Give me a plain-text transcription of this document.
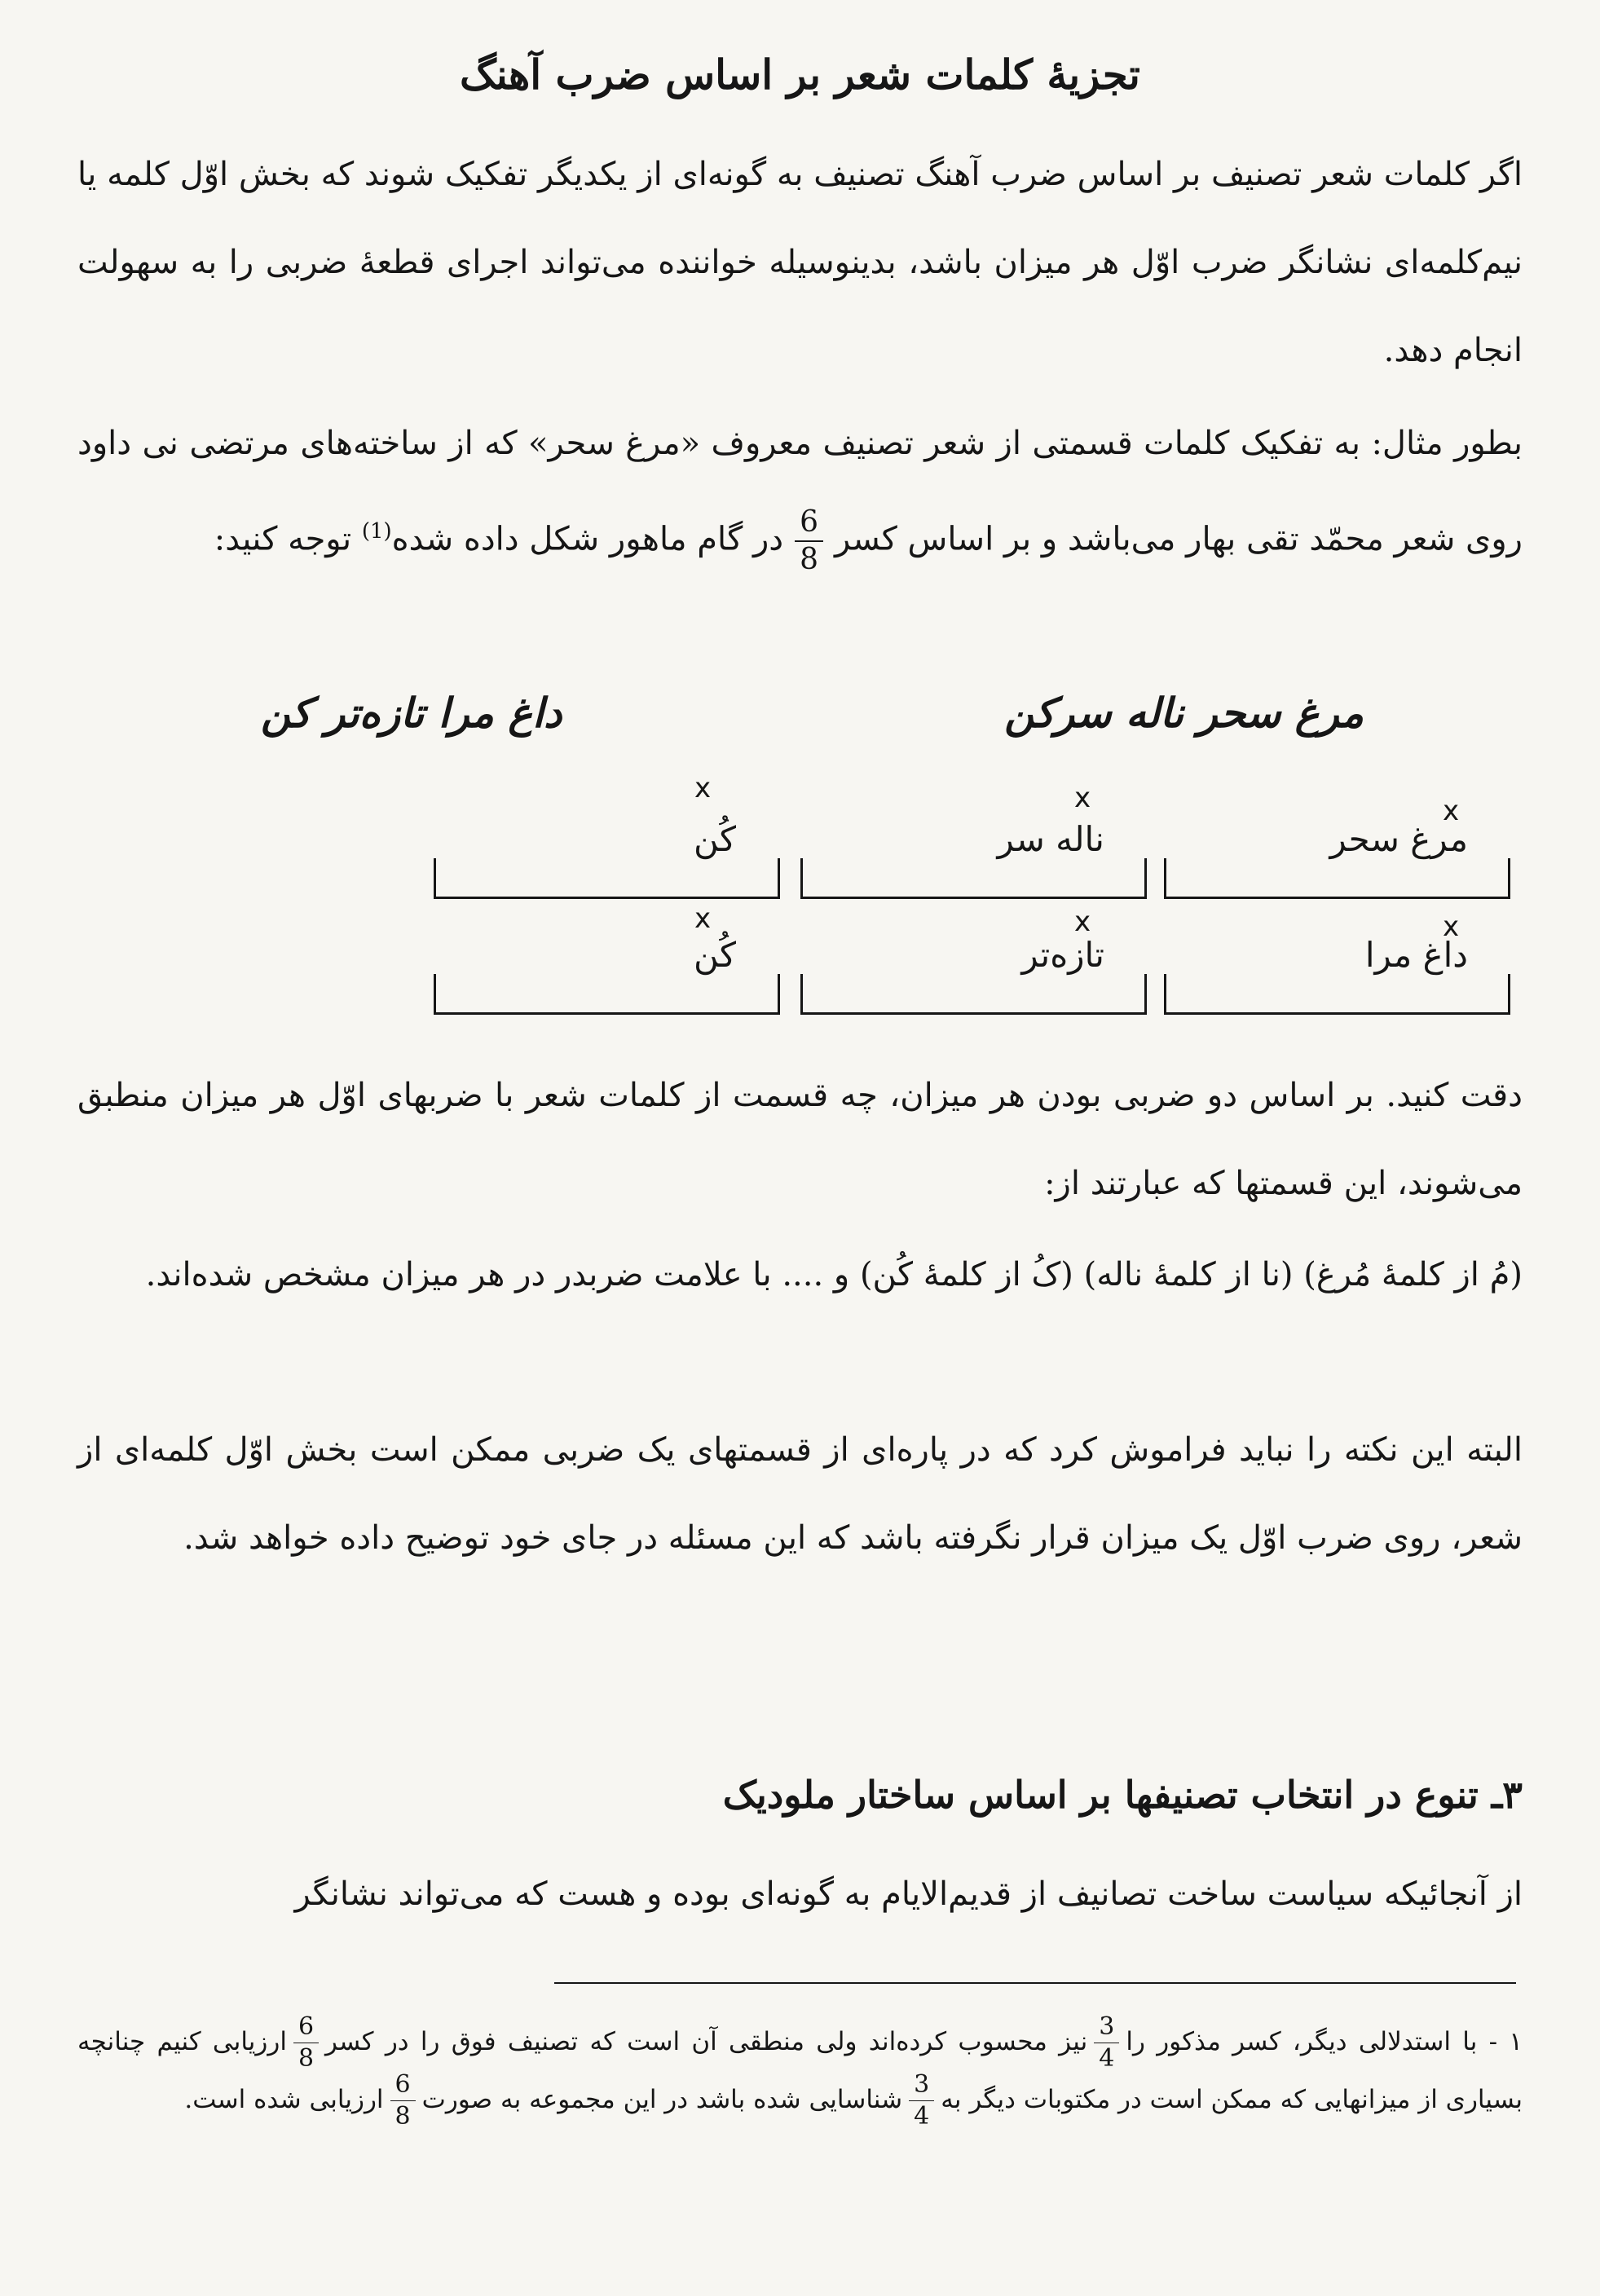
تجزیهٔ کلمات شعر بر اساس ضرب آهنگ

اگر کلمات شعر تصنیف بر اساس ضرب آهنگ تصنیف به گونه‌ای از یکدیگر تفکیک شوند که بخش اوّل کلمه یا نیم‌کلمه‌ای نشانگر ضرب اوّل هر میزان باشد، بدینوسیله خواننده می‌تواند اجرای قطعهٔ ضربی را به سهولت انجام دهد.

بطور مثال: به تفکیک کلمات قسمتی از شعر تصنیف معروف «مرغ سحر» که از ساخته‌های مرتضی نی داود روی شعر محمّد تقی بهار می‌باشد و بر اساس کسر
$\frac{6}{8}$
در گام ماهور شکل داده شده$^{(1)}$ توجه کنید:

مرغ سحر ناله سرکن
داغ مرا تازه‌تر کن
مرغ سحر
x
ناله سر
x
کُن
x
داغ مرا
x
تازه‌تر
x
کُن
x

دقت کنید. بر اساس دو ضربی بودن هر میزان، چه قسمت از کلمات شعر با ضربهای اوّل هر میزان منطبق می‌شوند، این قسمتها که عبارتند از:

(مُ از کلمهٔ مُرغ) (نا از کلمهٔ ناله) (کُ از کلمهٔ کُن) و .... با علامت ضربدر در هر میزان مشخص شده‌اند.

البته این نکته را نباید فراموش کرد که در پاره‌ای از قسمتهای یک ضربی ممکن است بخش اوّل کلمه‌ای از شعر، روی ضرب اوّل یک میزان قرار نگرفته باشد که این مسئله در جای خود توضیح داده خواهد شد.

۳ـ تنوع در انتخاب تصنیفها بر اساس ساختار ملودیک

از آنجائیکه سیاست ساخت تصانیف از قدیم‌الایام به گونه‌ای بوده و هست که می‌تواند نشانگر

۱ - با استدلالی دیگر، کسر مذکور را
$\frac{3}{4}$
نیز محسوب کرده‌اند ولی منطقی آن است که تصنیف فوق را در کسر
$\frac{6}{8}$
ارزیابی کنیم چنانچه بسیاری از میزانهایی که ممکن است در مکتوبات دیگر به
$\frac{3}{4}$
شناسایی شده باشد در این مجموعه به صورت
$\frac{6}{8}$
ارزیابی شده است.
